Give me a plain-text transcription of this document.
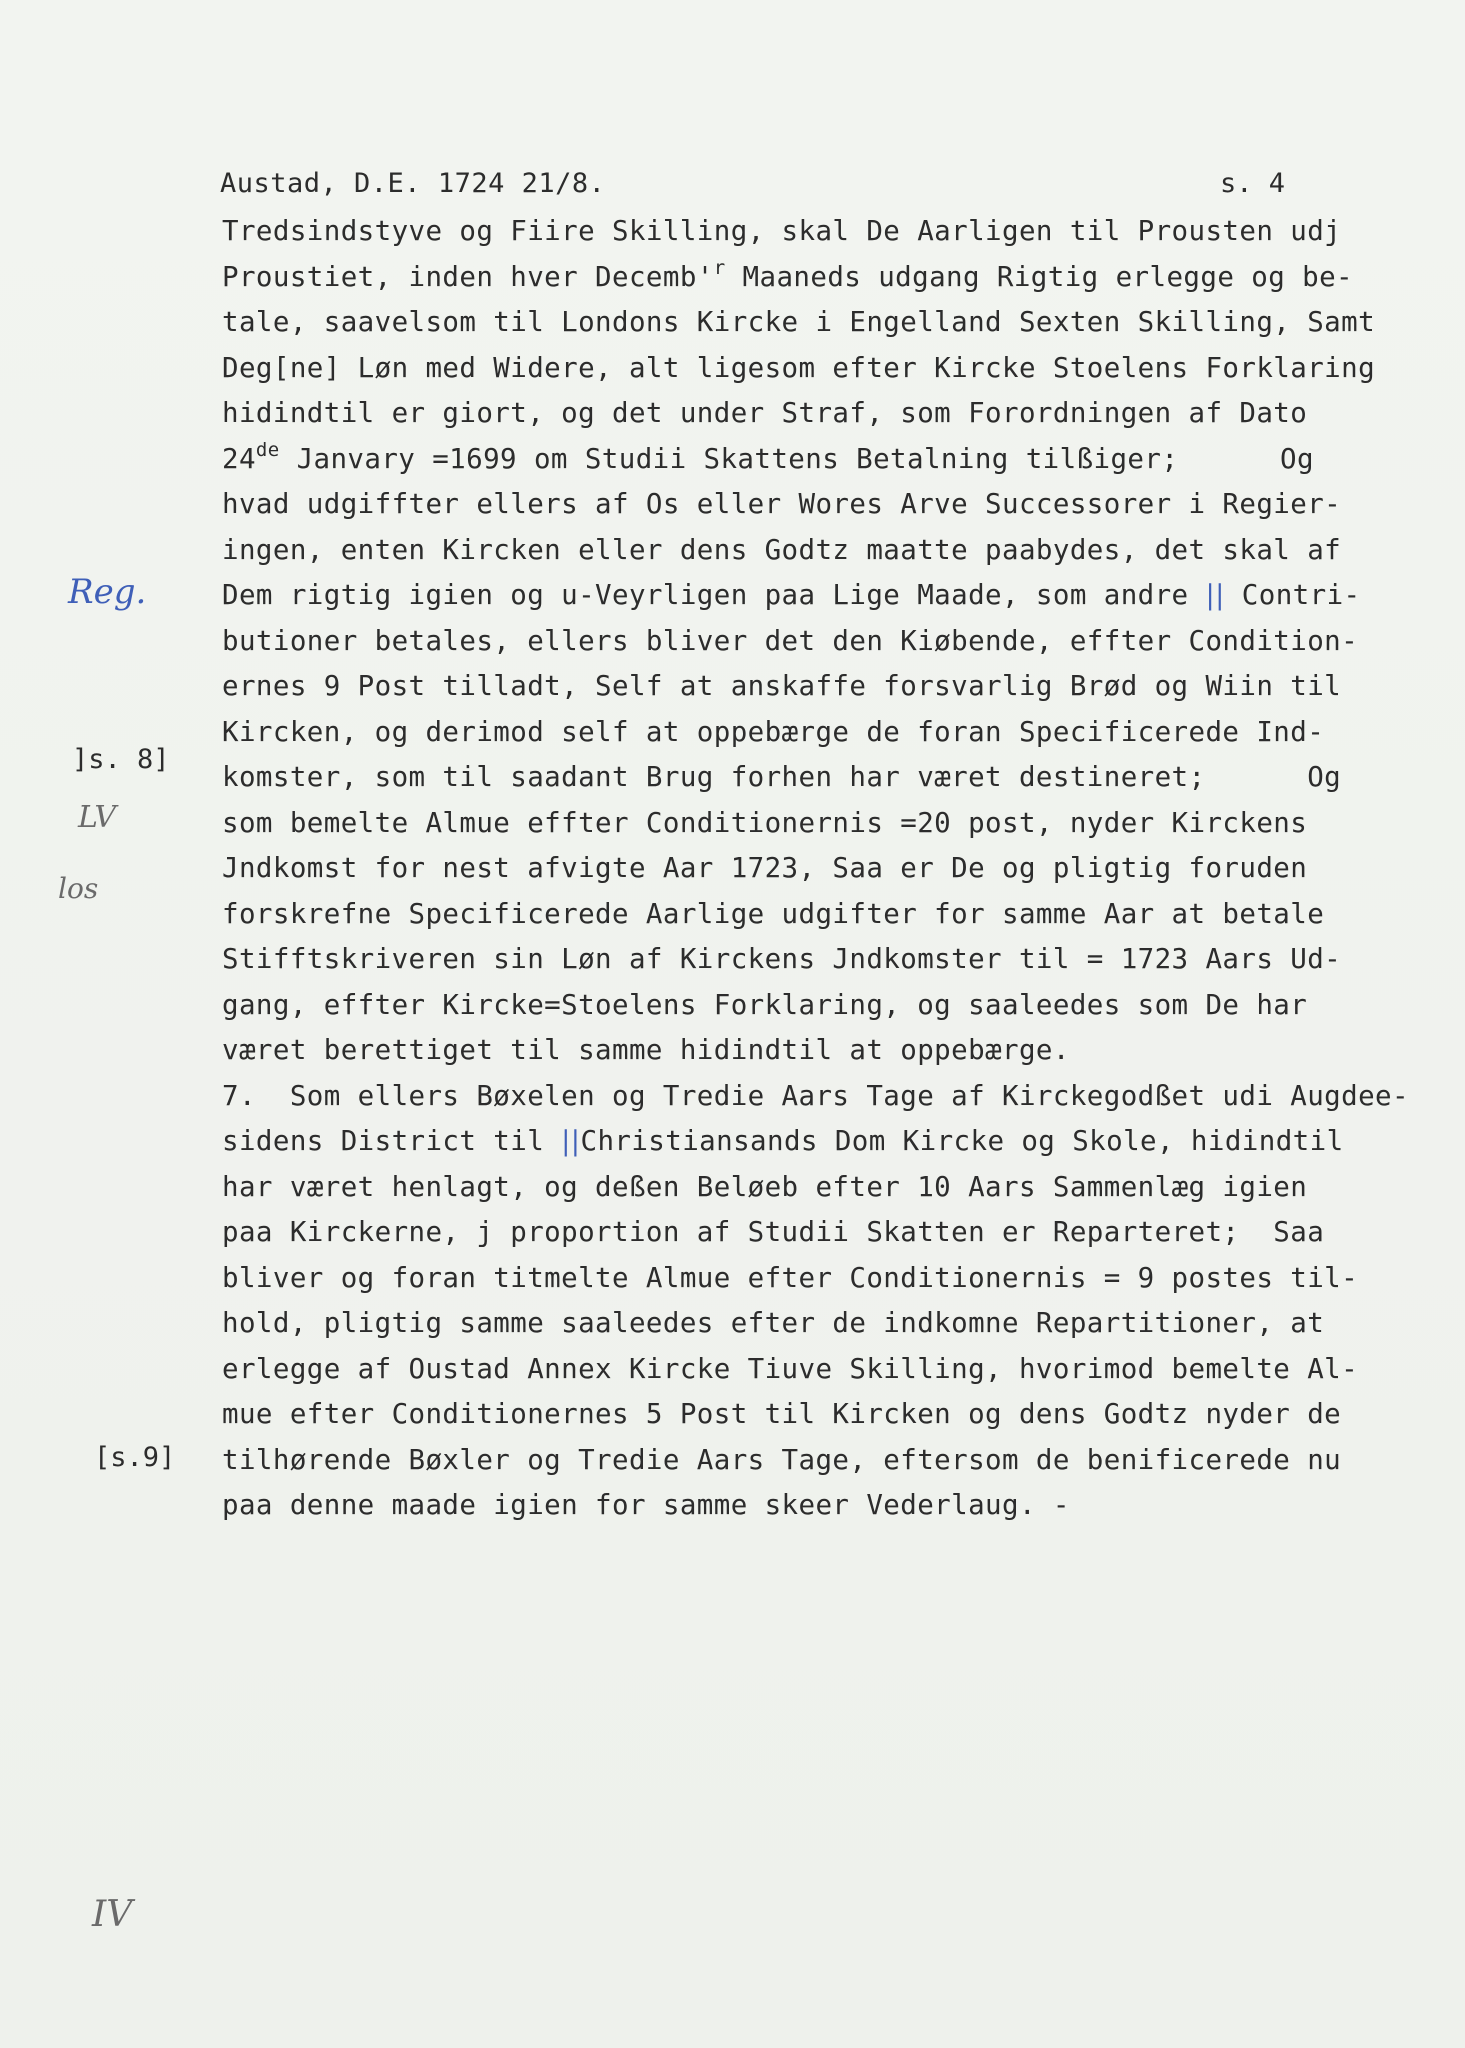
Austad, D.E. 1724 21/8.	s. 4
Tredsindstyve og Fiire Skilling, skal De Aarligen til Prousten udj
Proustiet, inden hver $Decemb'^r$ Maaneds udgang Rigtig erlegge og be-
tale, saavelsom til Londons Kircke i Engelland Sexten Skilling, Samt
Deg[ne] Løn med Widere, alt ligesom efter Kircke Stoelens Forklaring
hidindtil er giort, og det under Straf, som Forordningen af Dato
24de Janvary =1699 om Studii Skattens Betalning tilßiger;      Og
hvad udgiffter ellers af Os eller Wores Arve Successorer i Regier-
ingen, enten Kircken eller dens Godtz maatte paabydes, det skal af
Dem rigtig igien og u-Veyrligen paa Lige Maade, som andre || Contri-
butioner betales, ellers bliver det den Kiøbende, effter Condition-
ernes 9 Post tilladt, Self at anskaffe forsvarlig Brød og Wiin til
Kircken, og derimod self at oppebærge de foran Specificerede Ind-
komster, som til saadant Brug forhen har været destineret;      Og
som bemelte Almue effter Conditionernis =20 post, nyder Kirckens
Jndkomst for nest afvigte Aar 1723, Saa er De og pligtig foruden
forskrefne Specificerede Aarlige udgifter for samme Aar at betale
Stifftskriveren sin Løn af Kirckens Jndkomster til = 1723 Aars Ud-
gang, effter Kircke=Stoelens Forklaring, og saaleedes som De har
været berettiget til samme hidindtil at oppebærge.
7.  Som ellers Bøxelen og Tredie Aars Tage af Kirckegodßet udi Augdee-
sidens District til ||Christiansands Dom Kircke og Skole, hidindtil
har været henlagt, og deßen Beløeb efter 10 Aars Sammenlæg igien
paa Kirckerne, j proportion af Studii Skatten er Reparteret;  Saa
bliver og foran titmelte Almue efter Conditionernis = 9 postes til-
hold, pligtig samme saaleedes efter de indkomne Repartitioner, at
erlegge af Oustad Annex Kircke Tiuve Skilling, hvorimod bemelte Al-
mue efter Conditionernes 5 Post til Kircken og dens Godtz nyder de
tilhørende Bøxler og Tredie Aars Tage, eftersom de benificerede nu
paa denne maade igien for samme skeer Vederlaug. -
Reg.
]s. 8]
LV
los
[s.9]
IV
